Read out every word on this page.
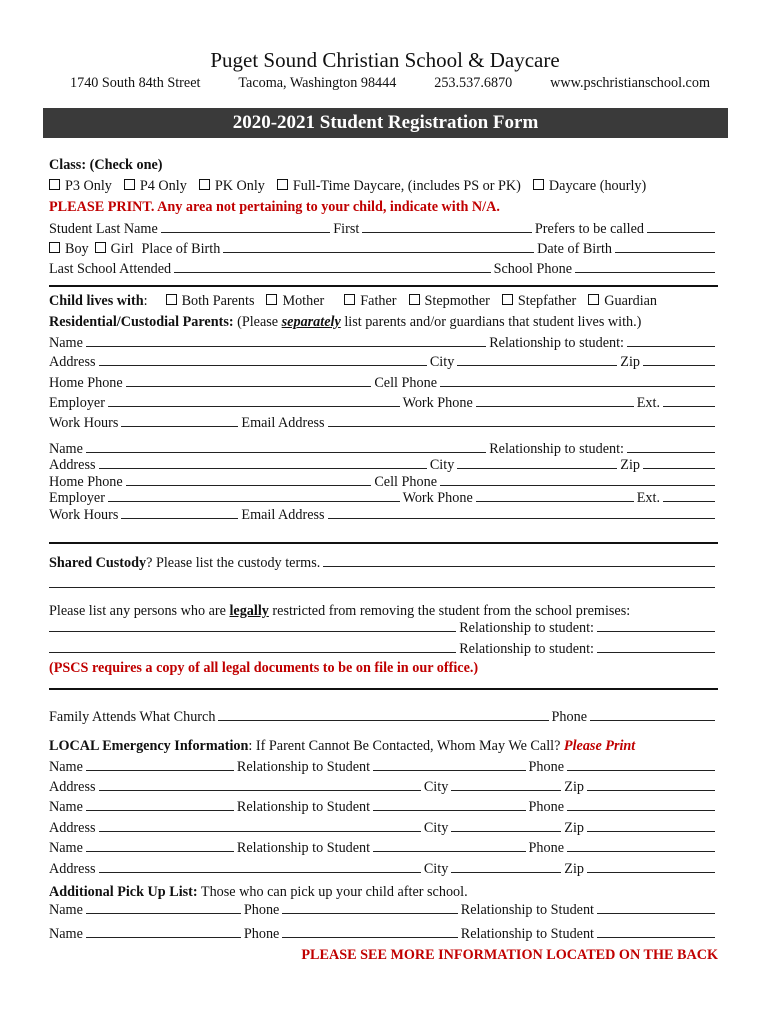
Puget Sound Christian School & Daycare
1740 South 84th Street	Tacoma, Washington 98444	253.537.6870	www.pschristianschool.com
2020-2021 Student Registration Form
Class: (Check one)
P3 Only P4 Only PK Only Full-Time Daycare, (includes PS or PK) Daycare (hourly)
PLEASE PRINT. Any area not pertaining to your child, indicate with N/A.
Student Last Name	First	Prefers to be called
Boy Girl Place of Birth	Date of Birth
Last School Attended	School Phone
Child lives with : Both Parents Mother	Father Stepmother Stepfather Guardian
Residential/Custodial Parents: (Please separately list parents and/or guardians that student lives with.)
Name	Relationship to student:
Address	City	Zip
Home Phone	Cell Phone
Employer	Work Phone	Ext.
Work Hours	Email Address
Name	Relationship to student:
Address	City	Zip
Home Phone	Cell Phone
Employer	Work Phone	Ext.
Work Hours	Email Address
Shared Custody ? Please list the custody terms.
Please list any persons who are legally restricted from removing the student from the school premises:
Relationship to student:
Relationship to student:
(PSCS requires a copy of all legal documents to be on file in our office.)
Family Attends What Church	Phone
LOCAL Emergency Information: If Parent Cannot Be Contacted, Whom May We Call? Please Print
Name	Relationship to Student	Phone
Address	City	Zip
Name	Relationship to Student	Phone
Address	City	Zip
Name	Relationship to Student	Phone
Address	City	Zip
Additional Pick Up List: Those who can pick up your child after school.
Name	Phone	Relationship to Student
Name	Phone	Relationship to Student
PLEASE SEE MORE INFORMATION LOCATED ON THE BACK
